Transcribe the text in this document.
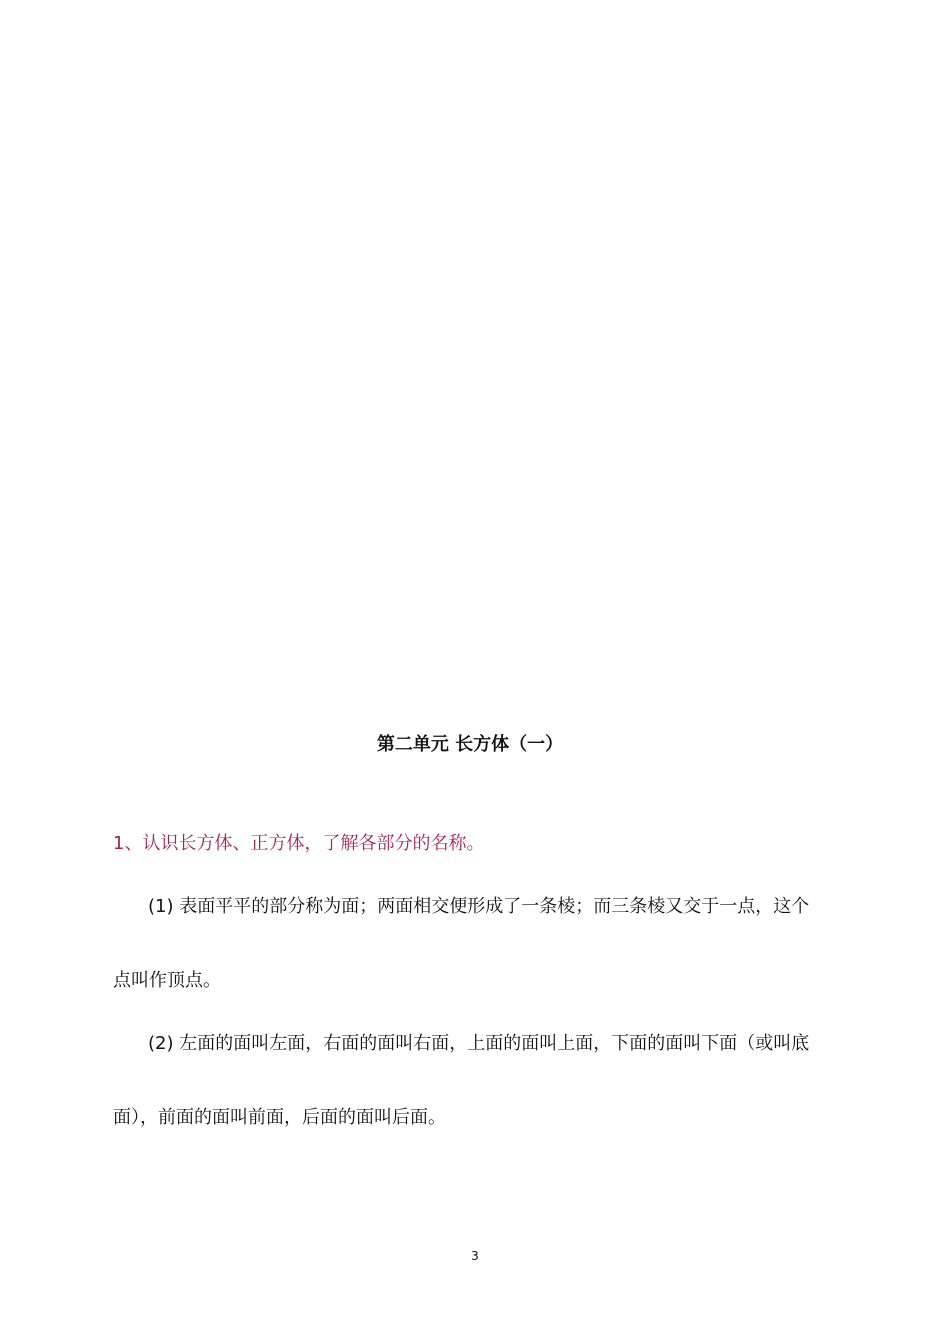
第二单元 长方体（一）
1、认识长方体、正方体，了解各部分的名称。
(1) 表面平平的部分称为面；两面相交便形成了一条棱；而三条棱又交于一点，这个
点叫作顶点。
(2) 左面的面叫左面，右面的面叫右面，上面的面叫上面，下面的面叫下面（或叫底
面），前面的面叫前面，后面的面叫后面。
3
